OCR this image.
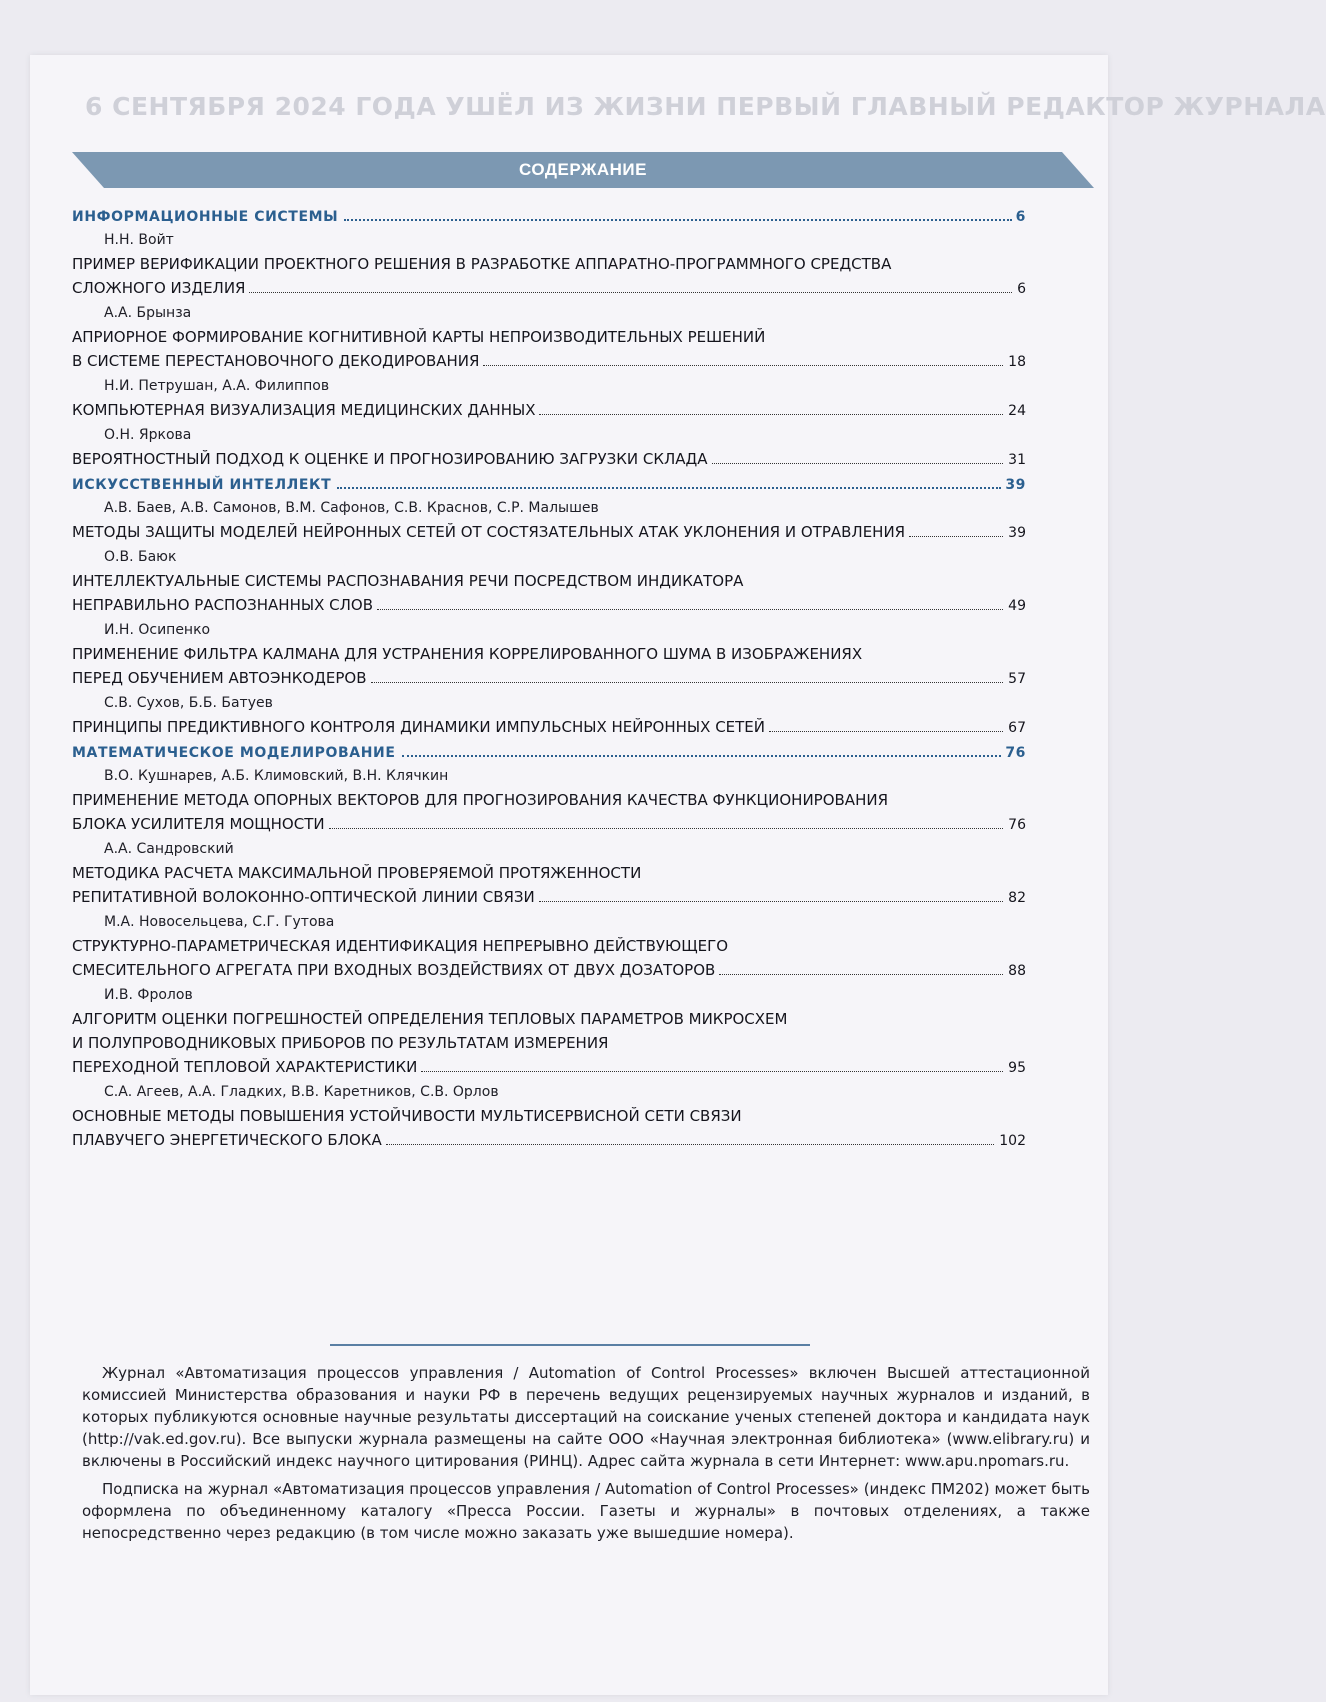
6 СЕНТЯБРЯ 2024 ГОДА УШЁЛ ИЗ ЖИЗНИ ПЕРВЫЙ ГЛАВНЫЙ РЕДАКТОР ЖУРНАЛА
СОДЕРЖАНИЕ
ИНФОРМАЦИОННЫЕ СИСТЕМЫ	6
Н.Н. Войт
ПРИМЕР ВЕРИФИКАЦИИ ПРОЕКТНОГО РЕШЕНИЯ В РАЗРАБОТКЕ АППАРАТНО-ПРОГРАММНОГО СРЕДСТВА
СЛОЖНОГО ИЗДЕЛИЯ	6
А.А. Брынза
АПРИОРНОЕ ФОРМИРОВАНИЕ КОГНИТИВНОЙ КАРТЫ НЕПРОИЗВОДИТЕЛЬНЫХ РЕШЕНИЙ
В СИСТЕМЕ ПЕРЕСТАНОВОЧНОГО ДЕКОДИРОВАНИЯ	18
Н.И. Петрушан, А.А. Филиппов
КОМПЬЮТЕРНАЯ ВИЗУАЛИЗАЦИЯ МЕДИЦИНСКИХ ДАННЫХ	24
О.Н. Яркова
ВЕРОЯТНОСТНЫЙ ПОДХОД К ОЦЕНКЕ И ПРОГНОЗИРОВАНИЮ ЗАГРУЗКИ СКЛАДА	31
ИСКУССТВЕННЫЙ ИНТЕЛЛЕКТ	39
А.В. Баев, А.В. Самонов, В.М. Сафонов, С.В. Краснов, С.Р. Малышев
МЕТОДЫ ЗАЩИТЫ МОДЕЛЕЙ НЕЙРОННЫХ СЕТЕЙ ОТ СОСТЯЗАТЕЛЬНЫХ АТАК УКЛОНЕНИЯ И ОТРАВЛЕНИЯ	39
О.В. Баюк
ИНТЕЛЛЕКТУАЛЬНЫЕ СИСТЕМЫ РАСПОЗНАВАНИЯ РЕЧИ ПОСРЕДСТВОМ ИНДИКАТОРА
НЕПРАВИЛЬНО РАСПОЗНАННЫХ СЛОВ	49
И.Н. Осипенко
ПРИМЕНЕНИЕ ФИЛЬТРА КАЛМАНА ДЛЯ УСТРАНЕНИЯ КОРРЕЛИРОВАННОГО ШУМА В ИЗОБРАЖЕНИЯХ
ПЕРЕД ОБУЧЕНИЕМ АВТОЭНКОДЕРОВ	57
С.В. Сухов, Б.Б. Батуев
ПРИНЦИПЫ ПРЕДИКТИВНОГО КОНТРОЛЯ ДИНАМИКИ ИМПУЛЬСНЫХ НЕЙРОННЫХ СЕТЕЙ	67
МАТЕМАТИЧЕСКОЕ МОДЕЛИРОВАНИЕ	76
В.О. Кушнарев, А.Б. Климовский, В.Н. Клячкин
ПРИМЕНЕНИЕ МЕТОДА ОПОРНЫХ ВЕКТОРОВ ДЛЯ ПРОГНОЗИРОВАНИЯ КАЧЕСТВА ФУНКЦИОНИРОВАНИЯ
БЛОКА УСИЛИТЕЛЯ МОЩНОСТИ	76
А.А. Сандровский
МЕТОДИКА РАСЧЕТА МАКСИМАЛЬНОЙ ПРОВЕРЯЕМОЙ ПРОТЯЖЕННОСТИ
РЕПИТАТИВНОЙ ВОЛОКОННО-ОПТИЧЕСКОЙ ЛИНИИ СВЯЗИ	82
М.А. Новосельцева, С.Г. Гутова
СТРУКТУРНО-ПАРАМЕТРИЧЕСКАЯ ИДЕНТИФИКАЦИЯ НЕПРЕРЫВНО ДЕЙСТВУЮЩЕГО
СМЕСИТЕЛЬНОГО АГРЕГАТА ПРИ ВХОДНЫХ ВОЗДЕЙСТВИЯХ ОТ ДВУХ ДОЗАТОРОВ	88
И.В. Фролов
АЛГОРИТМ ОЦЕНКИ ПОГРЕШНОСТЕЙ ОПРЕДЕЛЕНИЯ ТЕПЛОВЫХ ПАРАМЕТРОВ МИКРОСХЕМ
И ПОЛУПРОВОДНИКОВЫХ ПРИБОРОВ ПО РЕЗУЛЬТАТАМ ИЗМЕРЕНИЯ
ПЕРЕХОДНОЙ ТЕПЛОВОЙ ХАРАКТЕРИСТИКИ	95
С.А. Агеев, А.А. Гладких, В.В. Каретников, С.В. Орлов
ОСНОВНЫЕ МЕТОДЫ ПОВЫШЕНИЯ УСТОЙЧИВОСТИ МУЛЬТИСЕРВИСНОЙ СЕТИ СВЯЗИ
ПЛАВУЧЕГО ЭНЕРГЕТИЧЕСКОГО БЛОКА	102

Журнал «Автоматизация процессов управления / Automation of Control Processes» включен Высшей аттестационной комиссией Министерства образования и науки РФ в перечень ведущих рецензируемых научных журналов и изданий, в которых публикуются основные научные результаты диссертаций на соискание ученых степеней доктора и кандидата наук (http://vak.ed.gov.ru). Все выпуски журнала размещены на сайте ООО «Научная электронная библиотека» (www.elibrary.ru) и включены в Российский индекс научного цитирования (РИНЦ). Адрес сайта журнала в сети Интернет: www.apu.npomars.ru.

Подписка на журнал «Автоматизация процессов управления / Automation of Control Processes» (индекс ПМ202) может быть оформлена по объединенному каталогу «Пресса России. Газеты и журналы» в почтовых отделениях, а также непосредственно через редакцию (в том числе можно заказать уже вышедшие номера).
